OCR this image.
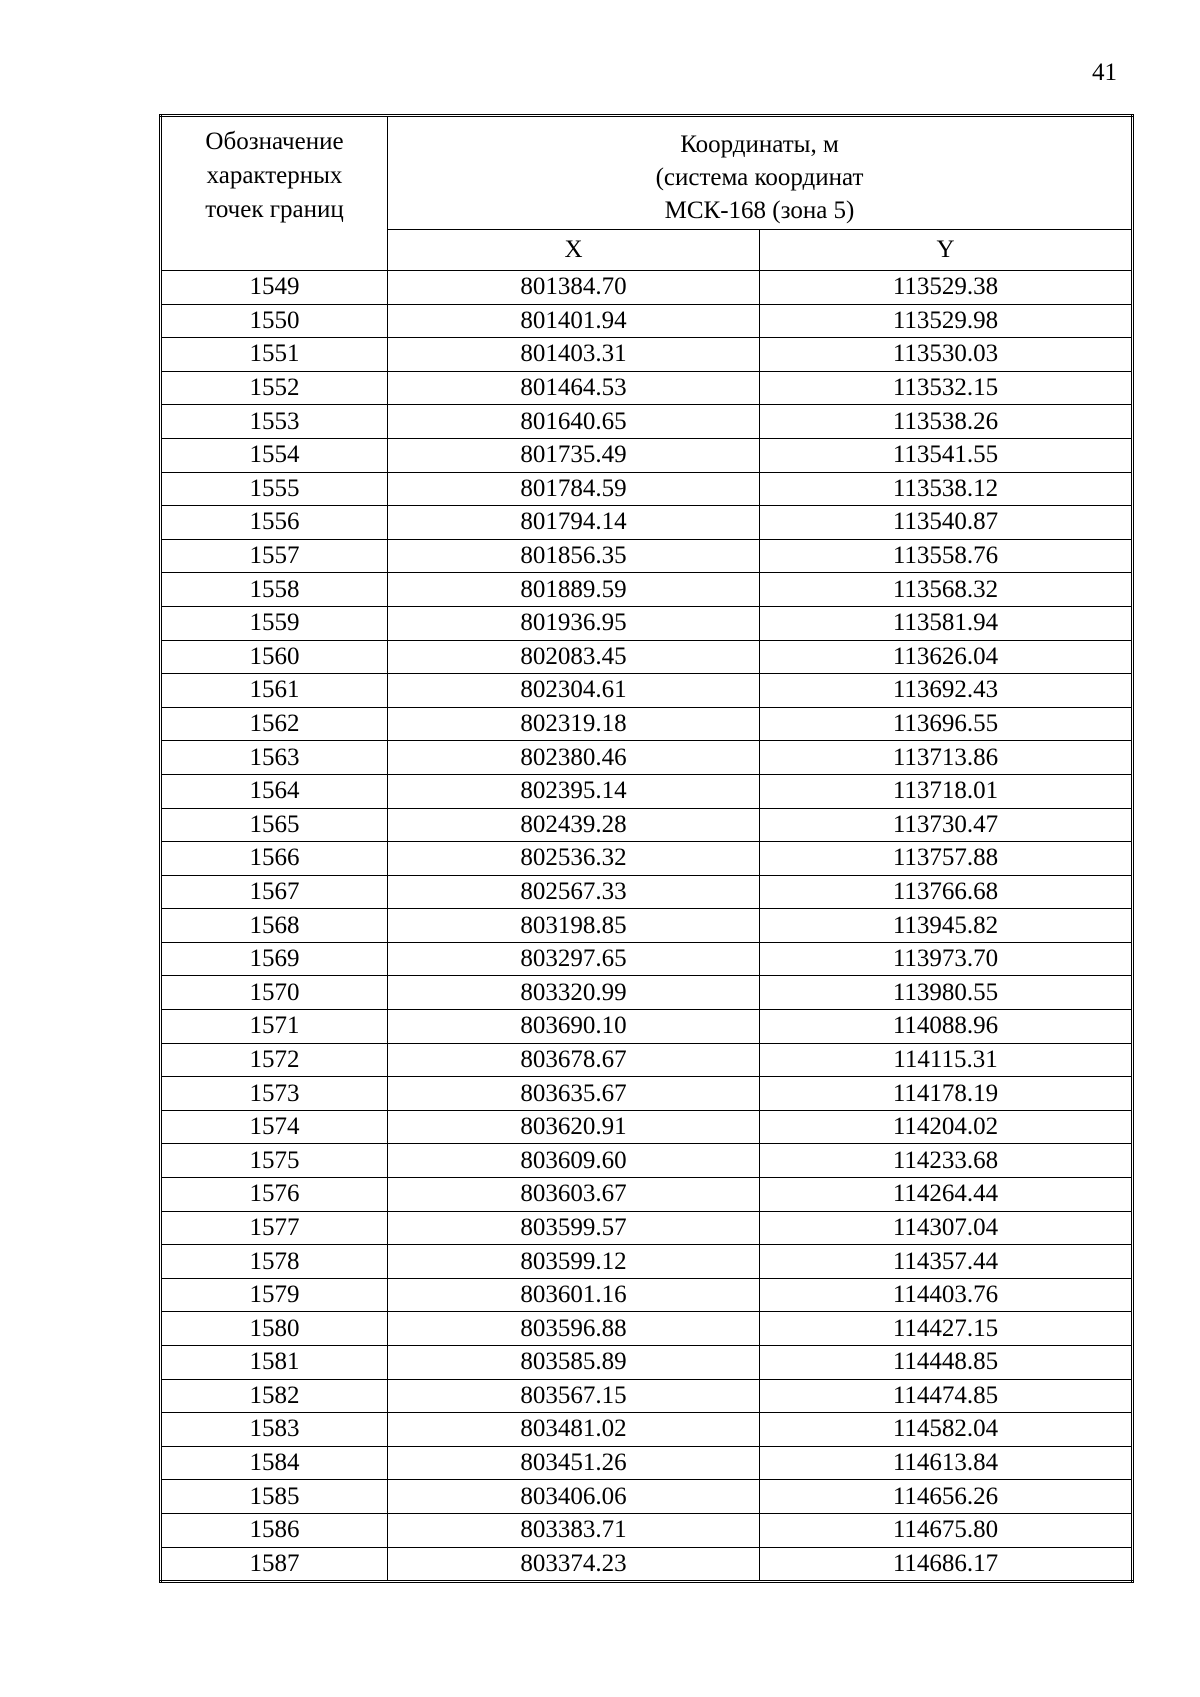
41
Обозначение
характерных
точек границ	Координаты, м
(система координат
МСК-168 (зона 5)	

	X	Y
1549	801384.70	113529.38
1550	801401.94	113529.98
1551	801403.31	113530.03
1552	801464.53	113532.15
1553	801640.65	113538.26
1554	801735.49	113541.55
1555	801784.59	113538.12
1556	801794.14	113540.87
1557	801856.35	113558.76
1558	801889.59	113568.32
1559	801936.95	113581.94
1560	802083.45	113626.04
1561	802304.61	113692.43
1562	802319.18	113696.55
1563	802380.46	113713.86
1564	802395.14	113718.01
1565	802439.28	113730.47
1566	802536.32	113757.88
1567	802567.33	113766.68
1568	803198.85	113945.82
1569	803297.65	113973.70
1570	803320.99	113980.55
1571	803690.10	114088.96
1572	803678.67	114115.31
1573	803635.67	114178.19
1574	803620.91	114204.02
1575	803609.60	114233.68
1576	803603.67	114264.44
1577	803599.57	114307.04
1578	803599.12	114357.44
1579	803601.16	114403.76
1580	803596.88	114427.15
1581	803585.89	114448.85
1582	803567.15	114474.85
1583	803481.02	114582.04
1584	803451.26	114613.84
1585	803406.06	114656.26
1586	803383.71	114675.80
1587	803374.23	114686.17
